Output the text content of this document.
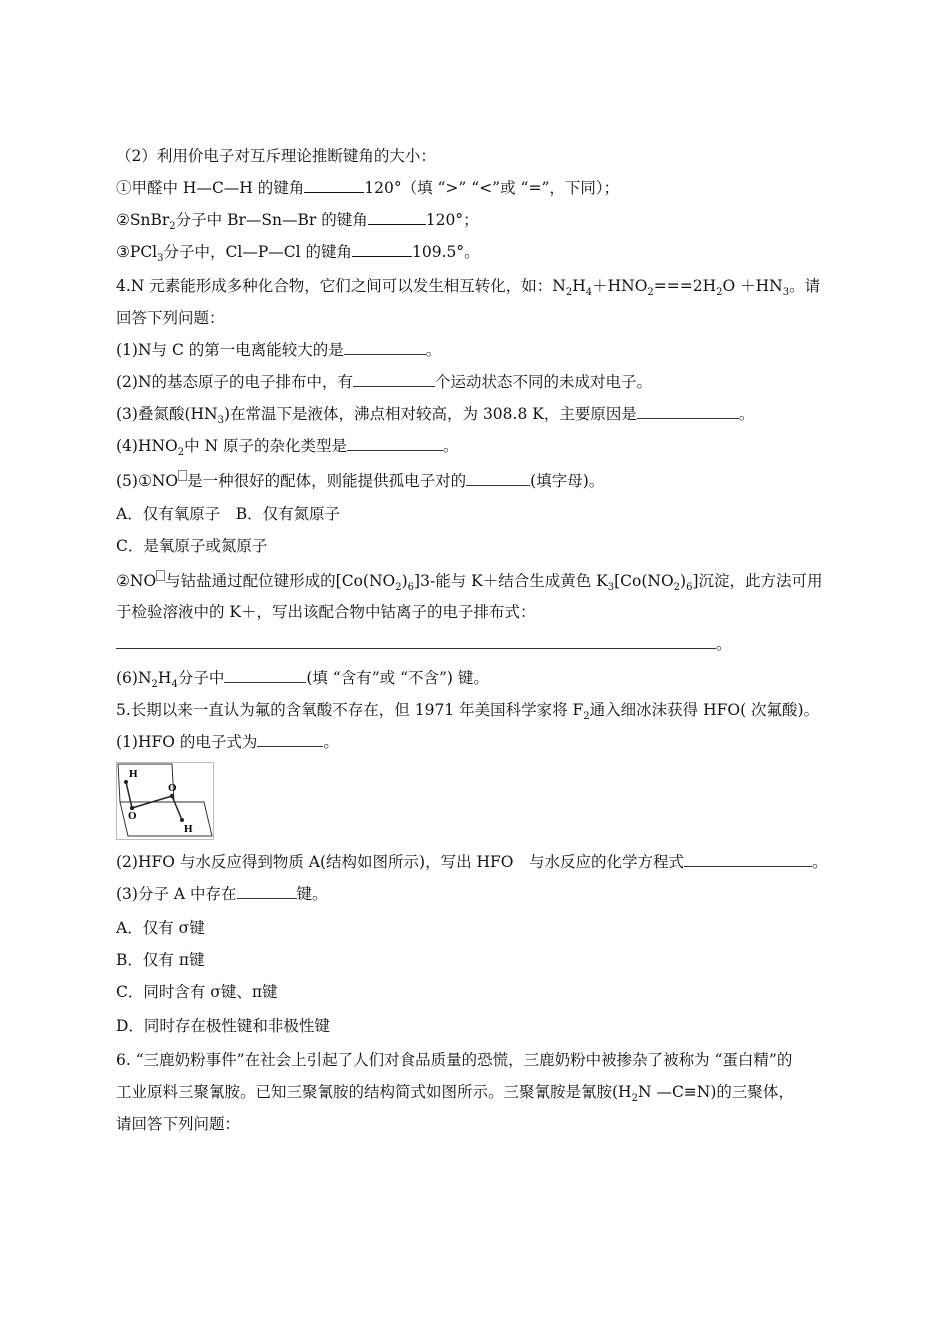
（2）利用价电子对互斥理论推断键角的大小：
①甲醛中 H—C—H 的键角	120°（填 “>” “<”或 “=”，下同）；
②SnBr$_2$分子中 Br—Sn—Br 的键角	120°；
③PCl$_3$分子中，Cl—P—Cl 的键角	109.5°。
4.N 元素能形成多种化合物，它们之间可以发生相互转化，如：$N_2H_4+HNO_2===2H_2O +HN_3$。请
回答下列问题：
(1)N与 C 的第一电离能较大的是	。
(2)N的基态原子的电子排布中，有	个运动状态不同的未成对电子。
(3)叠氮酸$(HN_3)$在常温下是液体，沸点相对较高，为 308.8 K，主要原因是	。
$(4)HNO_2$中 N 原子的杂化类型是	。
(5)①NO 是一种很好的配体，则能提供孤电子对的	(填字母)。
A．仅有氧原子　B．仅有氮原子
C．是氧原子或氮原子
②NO 与钴盐通过配位键形成的$[Co(NO_2)_6]3-$能与 K＋结合生成黄色 $K_3[Co(NO_2)_6]$沉淀，此方法可用
于检验溶液中的 K＋，写出该配合物中钴离子的电子排布式：
。
$(6)N_2H_4$分子中	(填 “含有”或 “不含”) 键。
5.长期以来一直认为氟的含氧酸不存在，但 1971 年美国科学家将 $F_2$通入细冰沫获得 HFO( 次氟酸)。
(1)HFO 的电子式为	。
H
O
O
H
(2)HFO 与水反应得到物质 A(结构如图所示)，写出 HFO　与水反应的化学方程式	。
(3)分子 A 中存在	键。
A．仅有 σ键
B．仅有 π键
C．同时含有 σ键、π键
D．同时存在极性键和非极性键
6. “三鹿奶粉事件”在社会上引起了人们对食品质量的恐慌，三鹿奶粉中被掺杂了被称为 “蛋白精”的
工业原料三聚氰胺。已知三聚氰胺的结构简式如图所示。三聚氰胺是氰胺($H_2N$ —C≡N)的三聚体，
请回答下列问题：
